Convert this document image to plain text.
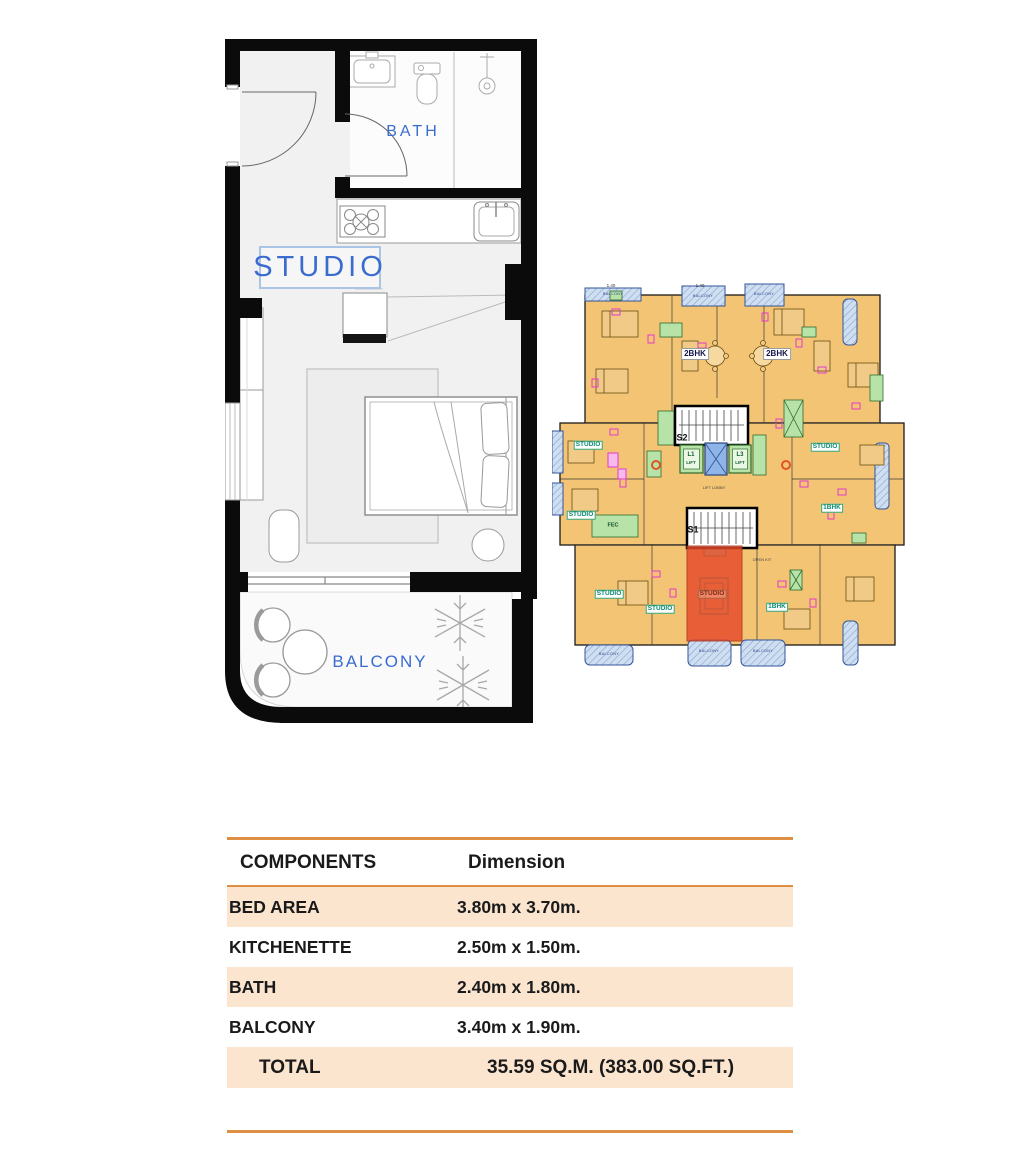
BATH
STUDIO
BALCONY
2BHK	2BHK
STUDIO
STUDIO
STUDIO
STUDIO
STUDIO
STUDIO
1BHK
1BHK
S2
S1
L1
LIFT
L3
LIFT
LIFT LOBBY
OPEN KIT
FEC
1.40	1.40
BALCONY	BALCONY	BALCONY
BALCONY
BALCONY	BALCONY
COMPONENTS	Dimension
BED AREA	3.80m x 3.70m.
KITCHENETTE	2.50m x 1.50m.
BATH	2.40m x 1.80m.
BALCONY	3.40m x 1.90m.
TOTAL	35.59 SQ.M. (383.00 SQ.FT.)
